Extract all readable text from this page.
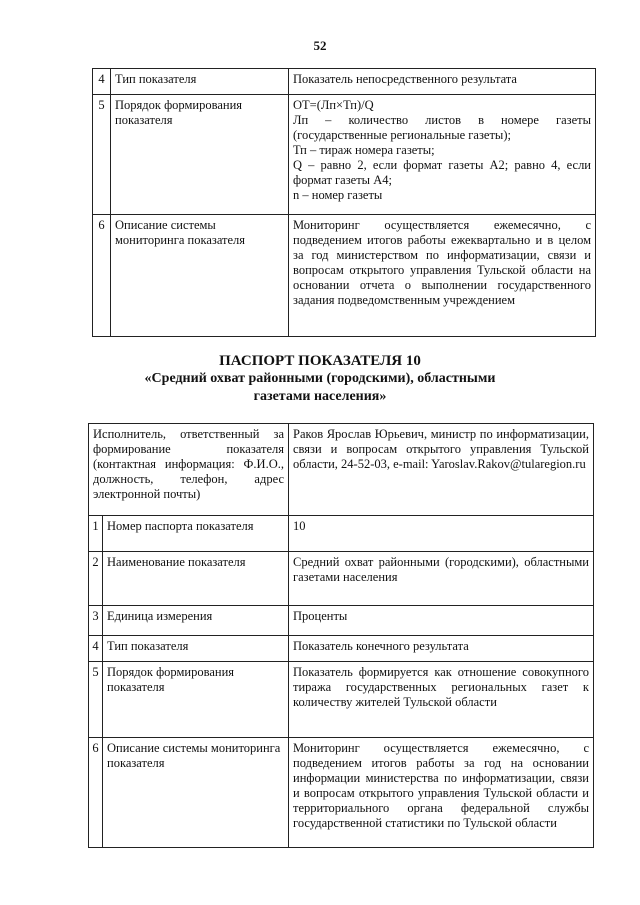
52
4	Тип показателя	Показатель непосредственного результата
5	Порядок формирования показателя	ОТ=(Лп×Тп)/Q
Лп – количество листов в номере газеты (государственные региональные газеты);
Тп – тираж номера газеты;
Q – равно 2, если формат газеты А2; равно 4, если формат газеты А4;
n – номер газеты

6	Описание системы мониторинга показателя	Мониторинг осуществляется ежемесячно, с подведением итогов работы ежеквартально и в целом за год министерством по информатизации, связи и вопросам открытого управления Тульской области на основании отчета о выполнении государственного задания подведомственным учреждением
ПАСПОРТ ПОКАЗАТЕЛЯ 10
«Средний охват районными (городскими), областными
газетами населения»
Исполнитель, ответственный за формирование показателя (контактная информация: Ф.И.О., должность, телефон, адрес электронной почты)		Раков Ярослав Юрьевич, министр по информатизации, связи и вопросам открытого управления Тульской области, 24-52-03, e-mail: Yaroslav.Rakov@tularegion.ru
1	Номер паспорта показателя	10
2	Наименование показателя	Средний охват районными (городскими), областными газетами населения
3	Единица измерения	Проценты
4	Тип показателя	Показатель конечного результата
5	Порядок формирования показателя	Показатель формируется как отношение совокупного тиража государственных региональных газет к количеству жителей Тульской области
6	Описание системы мониторинга показателя	Мониторинг осуществляется ежемесячно, с подведением итогов работы за год на основании информации министерства по информатизации, связи и вопросам открытого управления Тульской области и территориального органа федеральной службы государственной статистики по Тульской области
